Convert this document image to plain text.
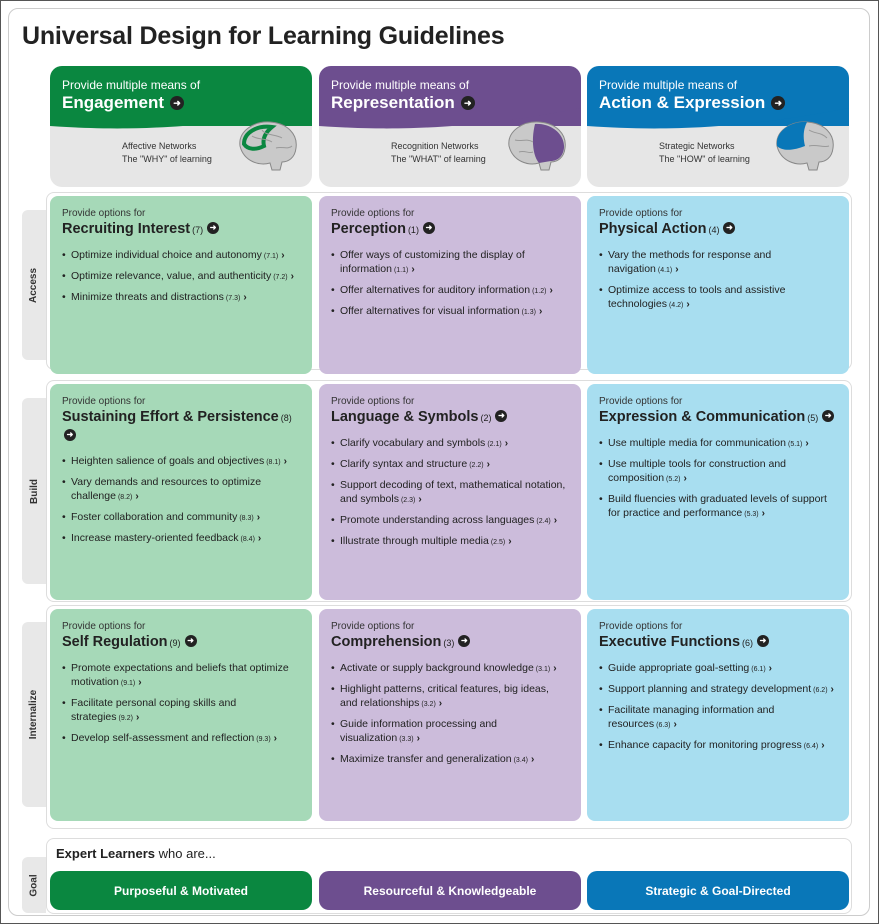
Universal Design for Learning Guidelines
Provide multiple means of
Engagement	➜
Affective Networks
The "WHY" of learning
Provide multiple means of
Representation	➜
Recognition Networks
The "WHAT" of learning
Provide multiple means of
Action & Expression	➜
Strategic Networks
The "HOW" of learning
Access
Build
Internalize
Provide options for
Recruiting Interest (7) ➜
• Optimize individual choice and autonomy (7.1) ›
• Optimize relevance, value, and authenticity (7.2) ›
• Minimize threats and distractions (7.3) ›
Provide options for
Perception (1) ➜
• Offer ways of customizing the display of information (1.1) ›
• Offer alternatives for auditory information (1.2) ›
• Offer alternatives for visual information (1.3) ›
Provide options for
Physical Action (4) ➜
• Vary the methods for response and navigation (4.1) ›
• Optimize access to tools and assistive technologies (4.2) ›
Provide options for
Sustaining Effort & Persistence (8)
➜
• Heighten salience of goals and objectives (8.1) ›
• Vary demands and resources to optimize challenge (8.2) ›
• Foster collaboration and community (8.3) ›
• Increase mastery-oriented feedback (8.4) ›
Provide options for
Language & Symbols (2) ➜
• Clarify vocabulary and symbols (2.1) ›
• Clarify syntax and structure (2.2) ›
• Support decoding of text, mathematical notation, and symbols (2.3) ›
• Promote understanding across languages (2.4) ›
• Illustrate through multiple media (2.5) ›
Provide options for
Expression & Communication (5) ➜
• Use multiple media for communication (5.1) ›
• Use multiple tools for construction and composition (5.2) ›
• Build fluencies with graduated levels of support for practice and performance (5.3) ›
Provide options for
Self Regulation (9) ➜
• Promote expectations and beliefs that optimize motivation (9.1) ›
• Facilitate personal coping skills and strategies (9.2) ›
• Develop self-assessment and reflection (9.3) ›
Provide options for
Comprehension (3) ➜
• Activate or supply background knowledge (3.1) ›
• Highlight patterns, critical features, big ideas, and relationships (3.2) ›
• Guide information processing and visualization (3.3) ›
• Maximize transfer and generalization (3.4) ›
Provide options for
Executive Functions (6) ➜
• Guide appropriate goal-setting (6.1) ›
• Support planning and strategy development (6.2) ›
• Facilitate managing information and resources (6.3) ›
• Enhance capacity for monitoring progress (6.4) ›
Goal
Expert Learners who are...
Purposeful & Motivated	Resourceful & Knowledgeable	Strategic & Goal-Directed
